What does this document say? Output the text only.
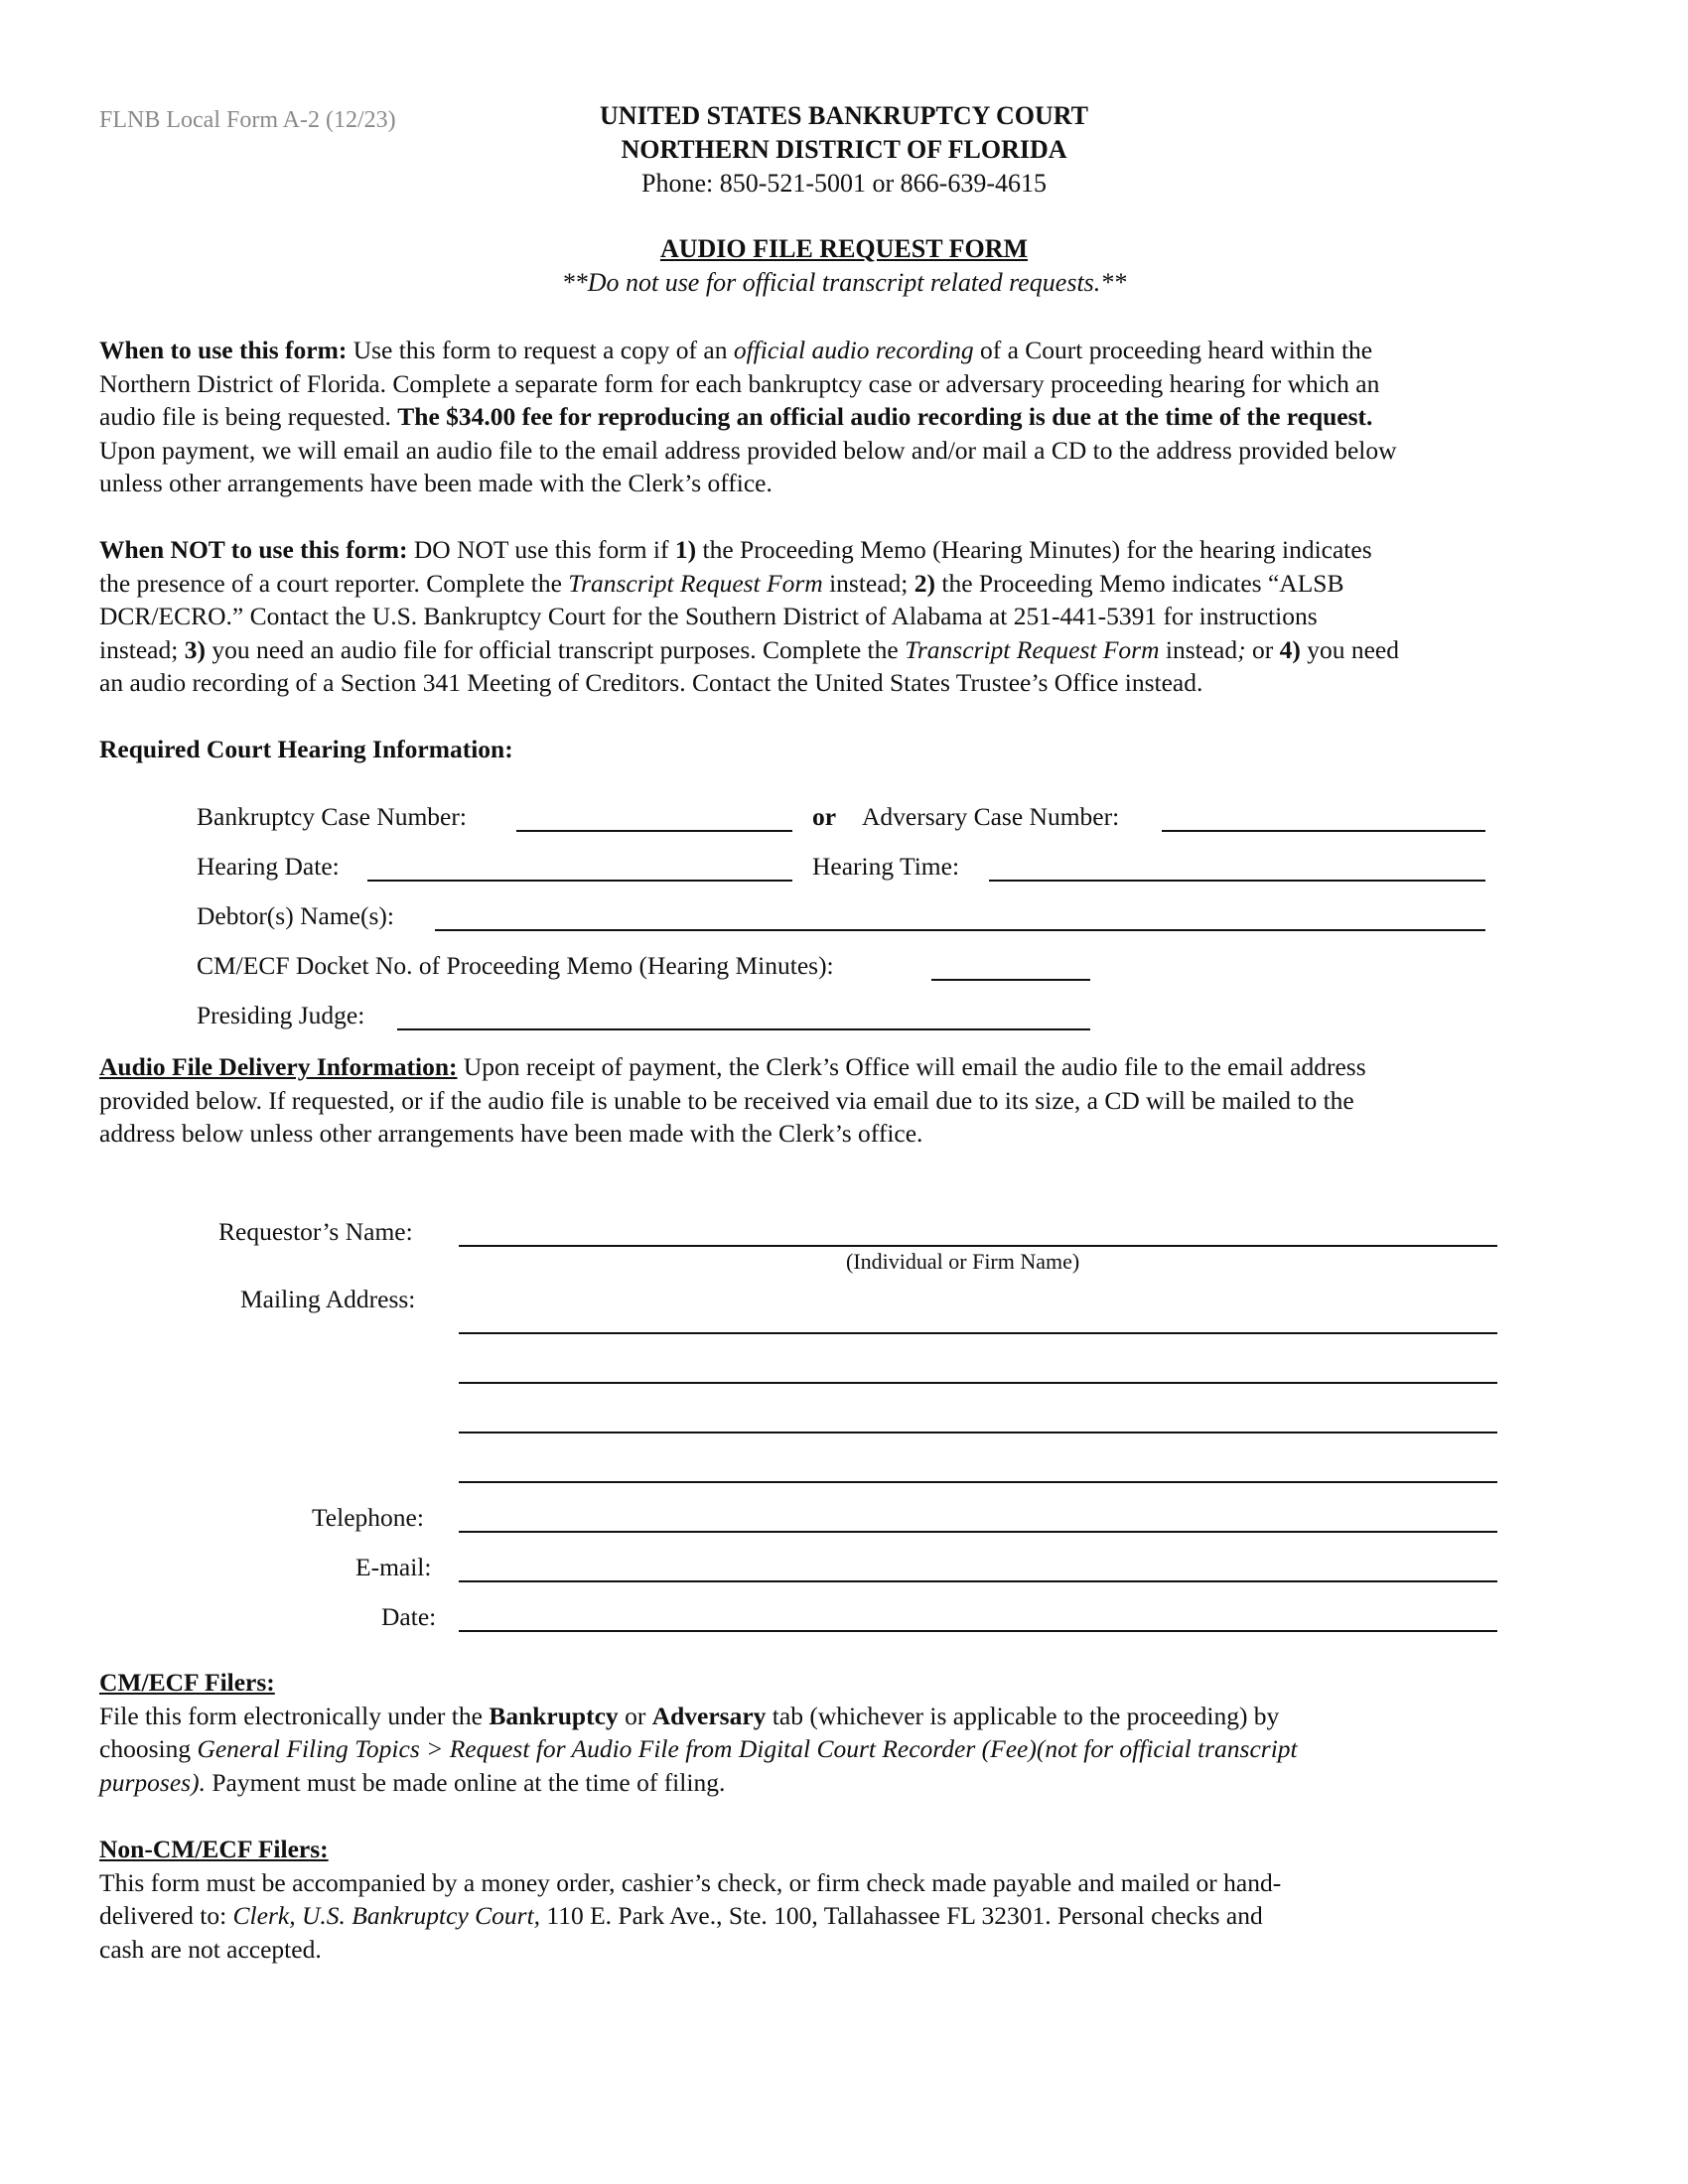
FLNB Local Form A-2 (12/23)	UNITED STATES BANKRUPTCY COURT
NORTHERN DISTRICT OF FLORIDA
Phone: 850-521-5001 or 866-639-4615
AUDIO FILE REQUEST FORM
**Do not use for official transcript related requests.**
When to use this form: Use this form to request a copy of an official audio recording of a Court proceeding heard within the
Northern District of Florida. Complete a separate form for each bankruptcy case or adversary proceeding hearing for which an
audio file is being requested. The $34.00 fee for reproducing an official audio recording is due at the time of the request.
Upon payment, we will email an audio file to the email address provided below and/or mail a CD to the address provided below
unless other arrangements have been made with the Clerk’s office.
When NOT to use this form: DO NOT use this form if 1) the Proceeding Memo (Hearing Minutes) for the hearing indicates
the presence of a court reporter. Complete the Transcript Request Form instead; 2) the Proceeding Memo indicates “ALSB
DCR/ECRO.” Contact the U.S. Bankruptcy Court for the Southern District of Alabama at 251-441-5391 for instructions
instead; 3) you need an audio file for official transcript purposes. Complete the Transcript Request Form instead; or 4) you need
an audio recording of a Section 341 Meeting of Creditors. Contact the United States Trustee’s Office instead.
Required Court Hearing Information:
Bankruptcy Case Number:	or Adversary Case Number:
Hearing Date:	Hearing Time:
Debtor(s) Name(s):
CM/ECF Docket No. of Proceeding Memo (Hearing Minutes):
Presiding Judge:
Audio File Delivery Information: Upon receipt of payment, the Clerk’s Office will email the audio file to the email address
provided below. If requested, or if the audio file is unable to be received via email due to its size, a CD will be mailed to the
address below unless other arrangements have been made with the Clerk’s office.
Requestor’s Name:
(Individual or Firm Name)
Mailing Address:
Telephone:
E-mail:
Date:
CM/ECF Filers:
File this form electronically under the Bankruptcy or Adversary tab (whichever is applicable to the proceeding) by
choosing General Filing Topics > Request for Audio File from Digital Court Recorder (Fee)(not for official transcript
purposes). Payment must be made online at the time of filing.
Non-CM/ECF Filers:
This form must be accompanied by a money order, cashier’s check, or firm check made payable and mailed or hand-
delivered to: Clerk, U.S. Bankruptcy Court, 110 E. Park Ave., Ste. 100, Tallahassee FL 32301. Personal checks and
cash are not accepted.
